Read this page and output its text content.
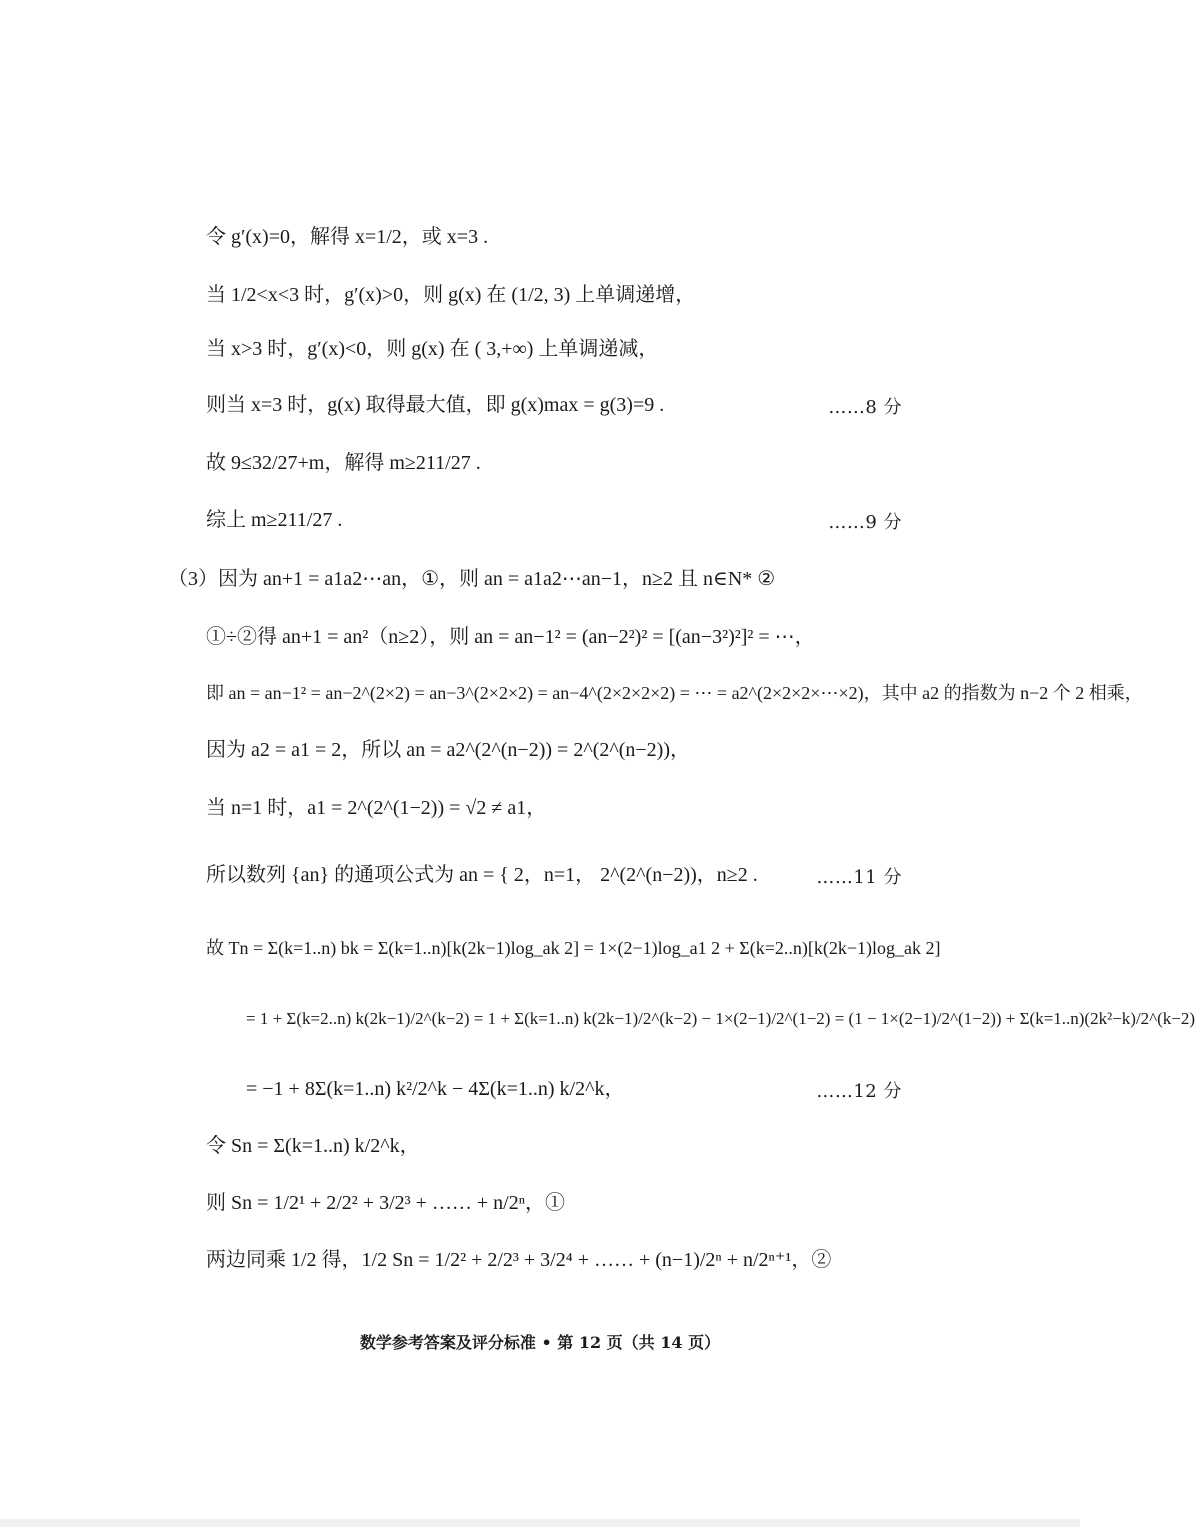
令 g′(x)=0，解得 x=1/2，或 x=3 .
当 1/2<x<3 时，g′(x)>0，则 g(x) 在 (1/2, 3) 上单调递增，
当 x>3 时，g′(x)<0，则 g(x) 在 ( 3,+∞) 上单调递减，
则当 x=3 时，g(x) 取得最大值，即 g(x)max = g(3)=9 .	……8 分
故 9≤32/27+m，解得 m≥211/27 .
综上 m≥211/27 .	……9 分
（3）因为 an+1 = a1a2⋯an，①，则 an = a1a2⋯an−1，n≥2 且 n∈N* ②
①÷②得 an+1 = an²（n≥2），则 an = an−1² = (an−2²)² = [(an−3²)²]² = ⋯，
即 an = an−1² = an−2^(2×2) = an−3^(2×2×2) = an−4^(2×2×2×2) = ⋯ = a2^(2×2×2×⋯×2)，其中 a2 的指数为 n−2 个 2 相乘，
因为 a2 = a1 = 2，所以 an = a2^(2^(n−2)) = 2^(2^(n−2))，
当 n=1 时，a1 = 2^(2^(1−2)) = √2 ≠ a1，
所以数列 {an} 的通项公式为 an = { 2，n=1， 2^(2^(n−2))，n≥2 .	……11 分
故 Tn = Σ(k=1..n) bk = Σ(k=1..n)[k(2k−1)log_ak 2] = 1×(2−1)log_a1 2 + Σ(k=2..n)[k(2k−1)log_ak 2]
= 1 + Σ(k=2..n) k(2k−1)/2^(k−2) = 1 + Σ(k=1..n) k(2k−1)/2^(k−2) − 1×(2−1)/2^(1−2) = (1 − 1×(2−1)/2^(1−2)) + Σ(k=1..n)(2k²−k)/2^(k−2)
= −1 + 8Σ(k=1..n) k²/2^k − 4Σ(k=1..n) k/2^k，	……12 分
令 Sn = Σ(k=1..n) k/2^k，
则 Sn = 1/2¹ + 2/2² + 3/2³ + …… + n/2ⁿ，①
两边同乘 1/2 得，1/2 Sn = 1/2² + 2/2³ + 3/2⁴ + …… + (n−1)/2ⁿ + n/2ⁿ⁺¹，②
数学参考答案及评分标准 • 第 12 页（共 14 页）
